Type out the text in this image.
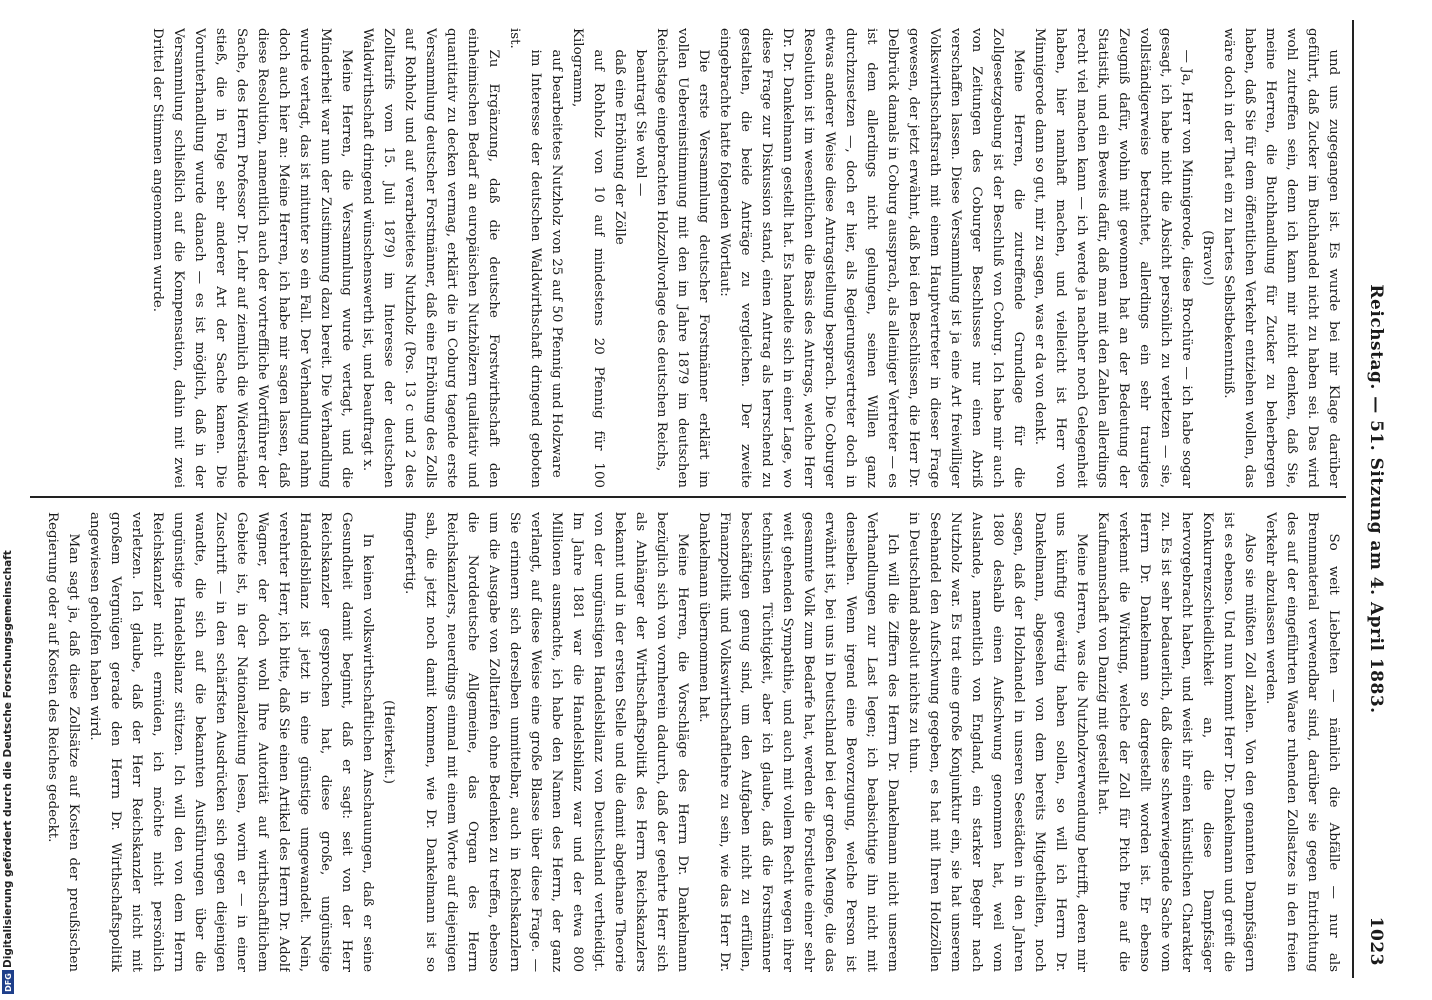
Digitalisierung gefördert durch die Deutsche Forschungsgemeinschaft
DFG
Reichstag. — 51. Sitzung am 4. April 1883.
1023

und uns zugegangen ist. Es wurde bei mir Klage darüber geführt, daß Zucker im Buchhandel nicht zu haben sei. Das wird wohl zutreffen sein, denn ich kann mir nicht denken, daß Sie, meine Herren, die Buchhandlung für Zucker zu beherbergen haben, daß Sie für dem öffentlichen Verkehr entziehen wollen, das wäre doch in der That ein zu hartes Selbstbekenntniß.

(Bravo!)

— Ja, Herr von Minnigerode, diese Brochüre — ich habe sogar gesagt, ich habe nicht die Absicht persönlich zu verletzen — sie, vollständigerweise betrachtet, allerdings ein sehr trauriges Zeugniß dafür, wohin mit gewonnen hat an der Bedeutung der Statistik, und ein Beweis dafür, daß man mit den Zahlen allerdings recht viel machen kann — ich werde ja nachher noch Gelegenheit haben, hier namhaft machen, und vielleicht ist Herr von Minnigerode dann so gut, mir zu sagen, was er da von denkt.

Meine Herren, die zutreffende Grundlage für die Zollgesetzgebung ist der Beschluß von Coburg. Ich habe mir auch von Zeitungen des Coburger Beschlusses nur einen Abriß verschaffen lassen. Diese Versammlung ist ja eine Art freiwilliger Volkswirthschaftsrath mit einem Hauptvertreter in dieser Frage gewesen, der jetzt erwähnt, daß bei den Beschlüssen, die Herr Dr. Delbrück damals in Coburg aussprach, als alleiniger Vertreter — es ist dem allerdings nicht gelungen, seinen Willen ganz durchzusetzen —, doch er hier, als Regierungsvertreter doch in etwas anderer Weise diese Antragstellung besprach. Die Coburger Resolution ist im wesentlichen die Basis des Antrags, welche Herr Dr. Dr. Dankelmann gestellt hat. Es handelte sich in einer Lage, wo diese Frage zur Diskussion stand, einen Antrag als herrschend zu gestalten, die beide Anträge zu vergleichen. Der zweite eingebrachte hatte folgenden Wortlaut:

Die erste Versammlung deutscher Forstmänner erklärt im vollen Uebereinstimmung mit den im Jahre 1879 im deutschen Reichstage eingebrachten Holzzollvorlage des deutschen Reichs,

beantragt Sie wohl —

daß eine Erhöhung der Zölle

auf Rohholz von 10 auf mindestens 20 Pfennig für 100 Kilogramm,

auf bearbeitetes Nutzholz von 25 auf 50 Pfennig und Holzware

im Interesse der deutschen Waldwirthschaft dringend geboten ist.

Zu Ergänzung, daß die deutsche Forstwirthschaft den einheimischen Bedarf an europäischen Nutzhölzern qualitativ und quantitativ zu decken vermag, erklärt die in Coburg tagende erste Versammlung deutscher Forstmänner, daß eine Erhöhung des Zolls auf Rohholz und auf verarbeitetes Nutzholz (Pos. 13 c und 2 des Zolltarifs vom 15. Juli 1879) im Interesse der deutschen Waldwirthschaft dringend wünschenswerth ist, und beauftragt x.

Meine Herren, die Versammlung wurde vertagt, und die Minderheit war nun der Zustimmung dazu bereit. Die Verhandlung wurde vertagt, das ist mitunter so ein Fall. Der Verhandlung nahm doch auch hier an: Meine Herren, ich habe mir sagen lassen, daß diese Resolution, namentlich auch der vortreffliche Wortführer der Sache, des Herrn Professor Dr. Lehr auf ziemlich die Widerstände stieß, die in Folge sehr anderer Art der Sache kamen. Die Vorunterhandlung wurde danach — es ist möglich, daß in der Versammlung schließlich auf die Kompensation, dahin mit zwei Drittel der Stimmen angenommen wurde.

So weit Liebelten — nämlich die Abfälle — nur als Brennmaterial verwendbar sind, darüber sie gegen Entrichtung des auf der eingeführten Waare ruhenden Zollsatzes in den freien Verkehr abzulassen werden.

Also sie müßten Zoll zahlen. Von den genannten Dampfsägern ist es ebenso. Und nun kommt Herr Dr. Dankelmann und greift die Konkurrenzschiedlichkeit an, die diese Dampfsäger hervorgebracht haben, und weist ihr einen künstlichen Charakter zu. Es ist sehr bedauerlich, daß diese schwerwiegende Sache vom Herrn Dr. Dankelmann so dargestellt worden ist. Er ebenso verkennt die Wirkung, welche der Zoll für Pitch Pine auf die Kaufmannschaft von Danzig mit gestellt hat.

Meine Herren, was die Nutzholzverwendung betrifft, deren mir uns künftig gewärtig haben sollen, so will ich Herrn Dr. Dankelmann, abgesehen von dem bereits Mitgetheilten, noch sagen, daß der Holzhandel in unseren Seestädten in den Jahren 1880 deshalb einen Aufschwung genommen hat, weil vom Auslande, namentlich von England, ein starker Begehr nach Nutzholz war. Es trat eine große Konjunktur ein, sie hat unserem Seehandel den Aufschwung gegeben, es hat mit Ihren Holzzöllen in Deutschland absolut nichts zu thun.

Ich will die Ziffern des Herrn Dr. Dankelmann nicht unserem Verhandlungen zur Last legen; ich beabsichtige ihn nicht mit denselben. Wenn irgend eine Bevorzugung, welche Person ist erwähnt ist, bei uns in Deutschland bei der großen Menge, die das gesammte Volk zum Bedarfe hat, werden die Forstleute einer sehr weit gehenden Sympathie, und auch mit vollem Recht wegen ihrer technischen Tüchtigkeit, aber ich glaube, daß die Forstmänner beschäftigen genug sind, um den Aufgaben nicht zu erfüllen, Finanzpolitik und Volkswirthschaftlehre zu sein, wie das Herr Dr. Dankelmann übernommen hat.

Meine Herren, die Vorschläge des Herrn Dr. Dankelmann bezüglich sich von vornherein dadurch, daß der geehrte Herr sich als Anhänger der Wirthschaftspolitik des Herrn Reichskanzlers bekannt und in der ersten Stelle und die damit abgethane Theorie von der ungünstigen Handelsbilanz von Deutschland vertheidigt. Im Jahre 1881 war die Handelsbilanz war und der etwa 800 Millionen ausmachte, ich habe den Namen des Herrn, der ganz verlangt, auf diese Weise eine große Blasse über diese Frage. — Sie erinnern sich derselben unmittelbar, auch in Reichskanzlern um die Ausgabe von Zolltarifen ohne Bedenken zu treffen, ebenso die Norddeutsche Allgemeine, das Organ des Herrn Reichskanzlers, neuerdings einmal mit einem Worte auf diejenigen sah, die jetzt noch damit kommen, wie Dr. Dankelmann ist so fingerfertig.

(Heiterkeit.)

In keinen volkswirthschaftlichen Anschauungen, daß er seine Gesundheit damit beginnt, daß er sagt: seit von der Herr Reichskanzler gesprochen hat, diese große, ungünstige Handelsbilanz ist jetzt in eine günstige umgewandelt. Nein, verehrter Herr, ich bitte, daß Sie einen Artikel des Herrn Dr. Adolf Wagner, der doch wohl Ihre Autorität auf wirthschaftlichem Gebiete ist, in der Nationalzeitung lesen, worin er — in einer Zuschrift — in den schärfsten Ausdrücken sich gegen diejenigen wandte, die sich auf die bekannten Ausführungen über die ungünstige Handelsbilanz stützen. Ich will den von dem Herrn Reichskanzler nicht ermüden, ich möchte nicht persönlich verletzen. Ich glaube, daß der Herr Reichskanzler nicht mit großem Vergnügen gerade den Herrn Dr. Wirthschaftspolitik angewiesen geholfen haben wird.

Man sagt ja, daß diese Zollsätze auf Kosten der preußischen Regierung oder auf Kosten des Reiches gedeckt.
